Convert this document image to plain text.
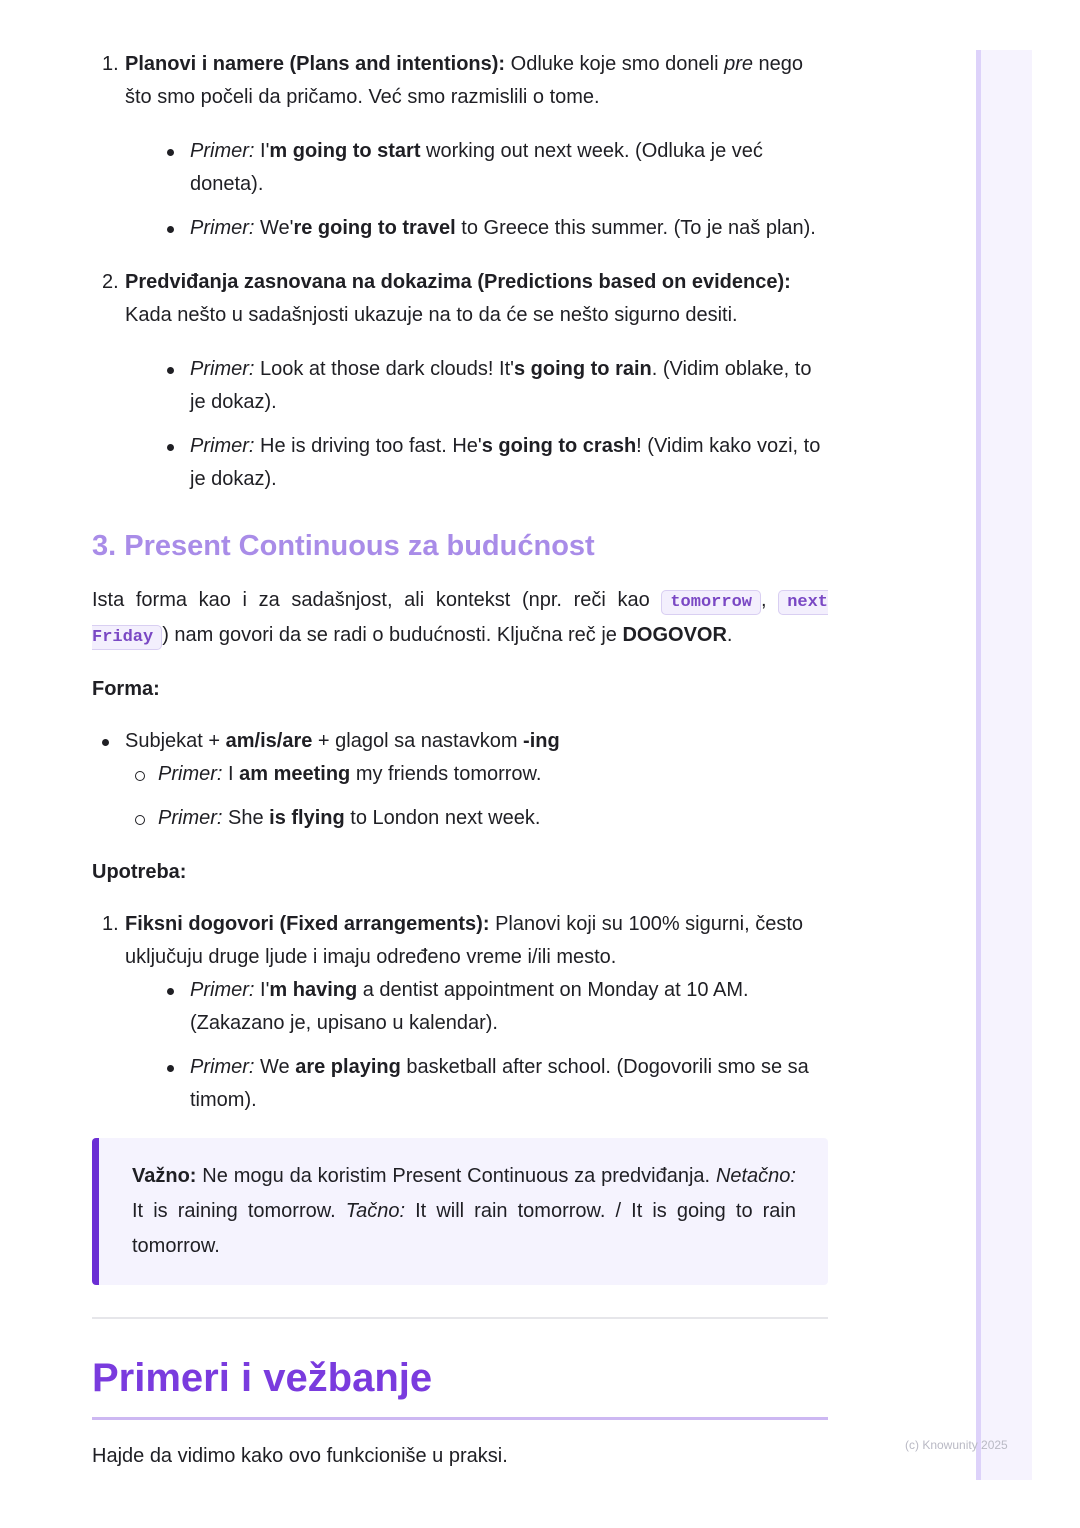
1. Planovi i namere (Plans and intentions): Odluke koje smo doneli pre nego što smo počeli da pričamo. Već smo razmislili o tome.
Primer: I'm going to start working out next week. (Odluka je već doneta).
Primer: We're going to travel to Greece this summer. (To je naš plan).
2. Predviđanja zasnovana na dokazima (Predictions based on evidence): Kada nešto u sadašnjosti ukazuje na to da će se nešto sigurno desiti.
Primer: Look at those dark clouds! It's going to rain. (Vidim oblake, to je dokaz).
Primer: He is driving too fast. He's going to crash! (Vidim kako vozi, to je dokaz).
3. Present Continuous za budućnost

Ista forma kao i za sadašnjost, ali kontekst (npr. reči kao tomorrow , next Friday ) nam govori da se radi o budućnosti. Ključna reč je DOGOVOR.

Forma:

Subjekat + am/is/are + glagol sa nastavkom -ing
Primer: I am meeting my friends tomorrow.
Primer: She is flying to London next week.

Upotreba:

1. Fiksni dogovori (Fixed arrangements): Planovi koji su 100% sigurni, često uključuju druge ljude i imaju određeno vreme i/ili mesto.
Primer: I'm having a dentist appointment on Monday at 10 AM. (Zakazano je, upisano u kalendar).
Primer: We are playing basketball after school. (Dogovorili smo se sa timom).
Važno: Ne mogu da koristim Present Continuous za predviđanja. Netačno: It is raining tomorrow. Tačno: It will rain tomorrow. / It is going to rain tomorrow.
Primeri i vežbanje

Hajde da vidimo kako ovo funkcioniše u praksi.	(c) Knowunity 2025
